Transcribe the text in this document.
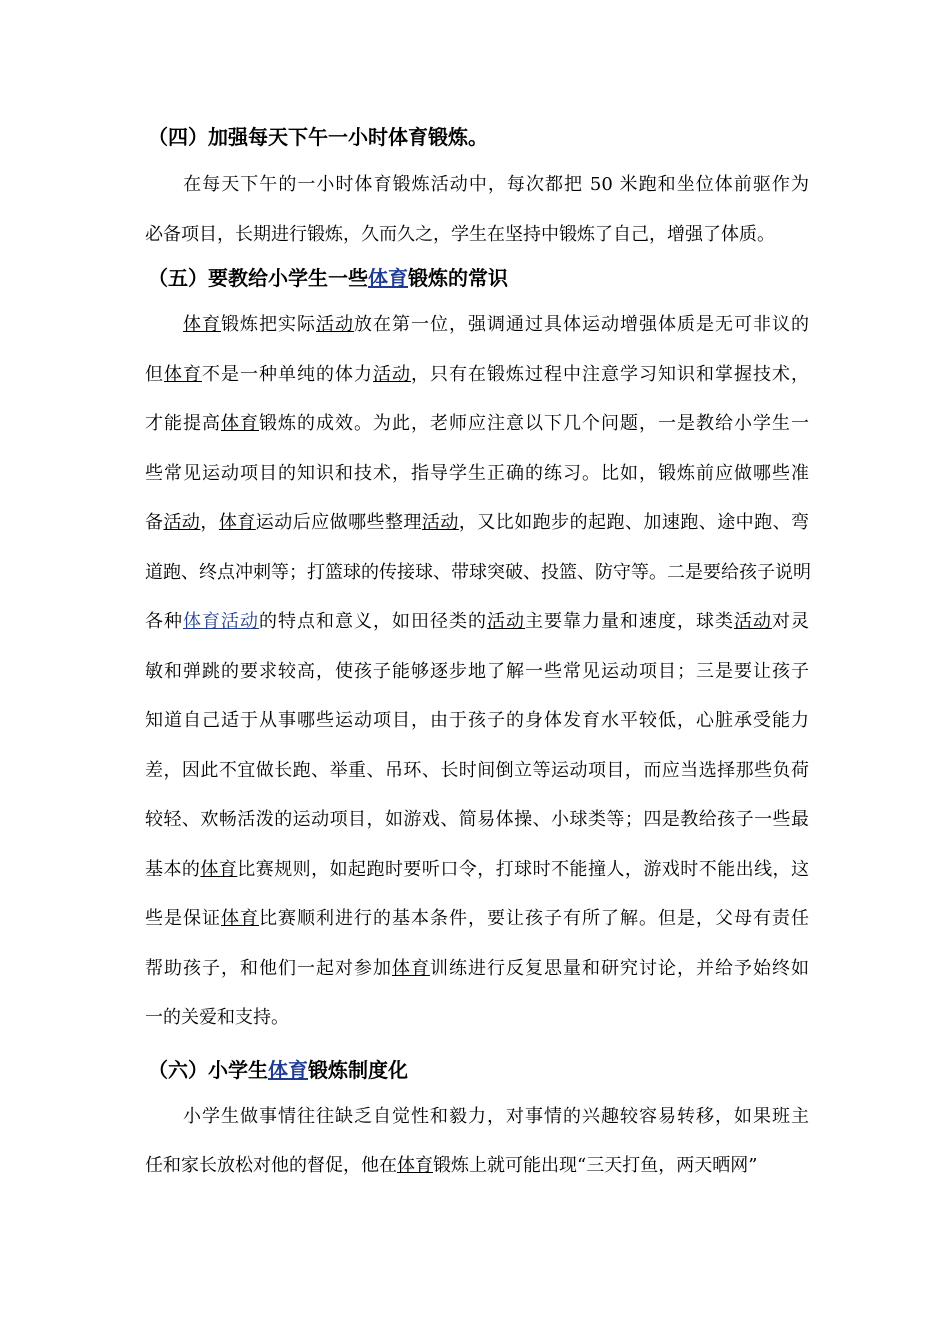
（四）加强每天下午一小时体育锻炼。
　　在每天下午的一小时体育锻炼活动中，每次都把 50 米跑和坐位体前驱作为
必备项目，长期进行锻炼，久而久之，学生在坚持中锻炼了自己，增强了体质。
（五）要教给小学生一些体育锻炼的常识
　　体育锻炼把实际活动放在第一位，强调通过具体运动增强体质是无可非议的
但体育不是一种单纯的体力活动，只有在锻炼过程中注意学习知识和掌握技术，
才能提高体育锻炼的成效。为此，老师应注意以下几个问题，一是教给小学生一
些常见运动项目的知识和技术，指导学生正确的练习。比如，锻炼前应做哪些准
备活动，体育运动后应做哪些整理活动，又比如跑步的起跑、加速跑、途中跑、弯
道跑、终点冲刺等；打篮球的传接球、带球突破、投篮、防守等。二是要给孩子说明
各种体育活动的特点和意义，如田径类的活动主要靠力量和速度，球类活动对灵
敏和弹跳的要求较高，使孩子能够逐步地了解一些常见运动项目；三是要让孩子
知道自己适于从事哪些运动项目，由于孩子的身体发育水平较低，心脏承受能力
差，因此不宜做长跑、举重、吊环、长时间倒立等运动项目，而应当选择那些负荷
较轻、欢畅活泼的运动项目，如游戏、简易体操、小球类等；四是教给孩子一些最
基本的体育比赛规则，如起跑时要听口令，打球时不能撞人，游戏时不能出线，这
些是保证体育比赛顺利进行的基本条件，要让孩子有所了解。但是，父母有责任
帮助孩子，和他们一起对参加体育训练进行反复思量和研究讨论，并给予始终如
一的关爱和支持。
（六）小学生体育锻炼制度化
　　小学生做事情往往缺乏自觉性和毅力，对事情的兴趣较容易转移，如果班主
任和家长放松对他的督促，他在体育锻炼上就可能出现“三天打鱼，两天晒网”
